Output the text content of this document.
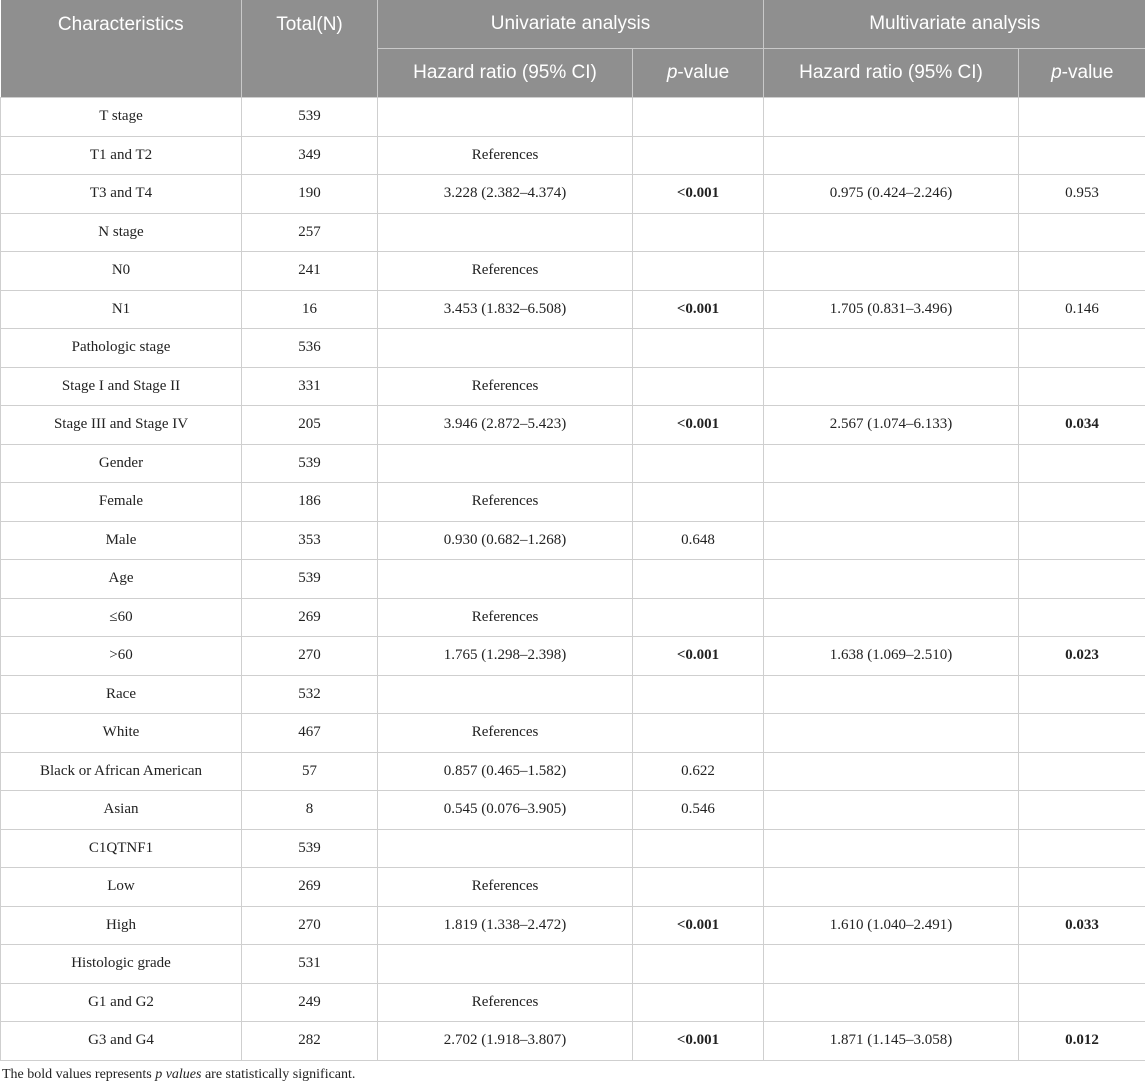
Characteristics	Total(N)	Univariate analysis		Multivariate analysis	
		Hazard ratio (95% CI)	p-value	Hazard ratio (95% CI)	p-value
T stage	539				
T1 and T2	349	References			
T3 and T4	190	3.228 (2.382–4.374)	<0.001	0.975 (0.424–2.246)	0.953
N stage	257				
N0	241	References			
N1	16	3.453 (1.832–6.508)	<0.001	1.705 (0.831–3.496)	0.146
Pathologic stage	536				
Stage I and Stage II	331	References			
Stage III and Stage IV	205	3.946 (2.872–5.423)	<0.001	2.567 (1.074–6.133)	0.034
Gender	539				
Female	186	References			
Male	353	0.930 (0.682–1.268)	0.648		
Age	539				
≤60	269	References			
>60	270	1.765 (1.298–2.398)	<0.001	1.638 (1.069–2.510)	0.023
Race	532				
White	467	References			
Black or African American	57	0.857 (0.465–1.582)	0.622		
Asian	8	0.545 (0.076–3.905)	0.546		
C1QTNF1	539				
Low	269	References			
High	270	1.819 (1.338–2.472)	<0.001	1.610 (1.040–2.491)	0.033
Histologic grade	531				
G1 and G2	249	References			
G3 and G4	282	2.702 (1.918–3.807)	<0.001	1.871 (1.145–3.058)	0.012
The bold values represents p values are statistically significant.
